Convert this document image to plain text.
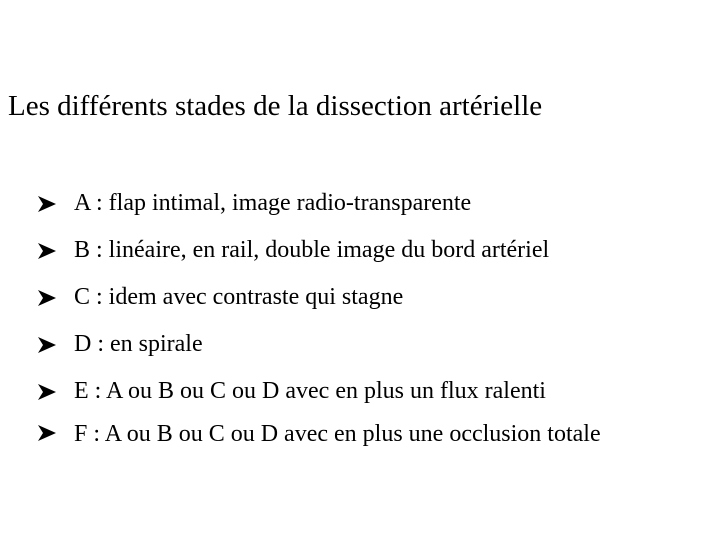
Les différents stades de la dissection artérielle
A : flap intimal, image radio-transparente
B : linéaire, en rail, double image du bord artériel
C : idem avec contraste qui stagne
D : en spirale
E : A ou B ou C ou D avec en plus un flux ralenti
F : A ou B ou C ou D avec en plus une occlusion totale
